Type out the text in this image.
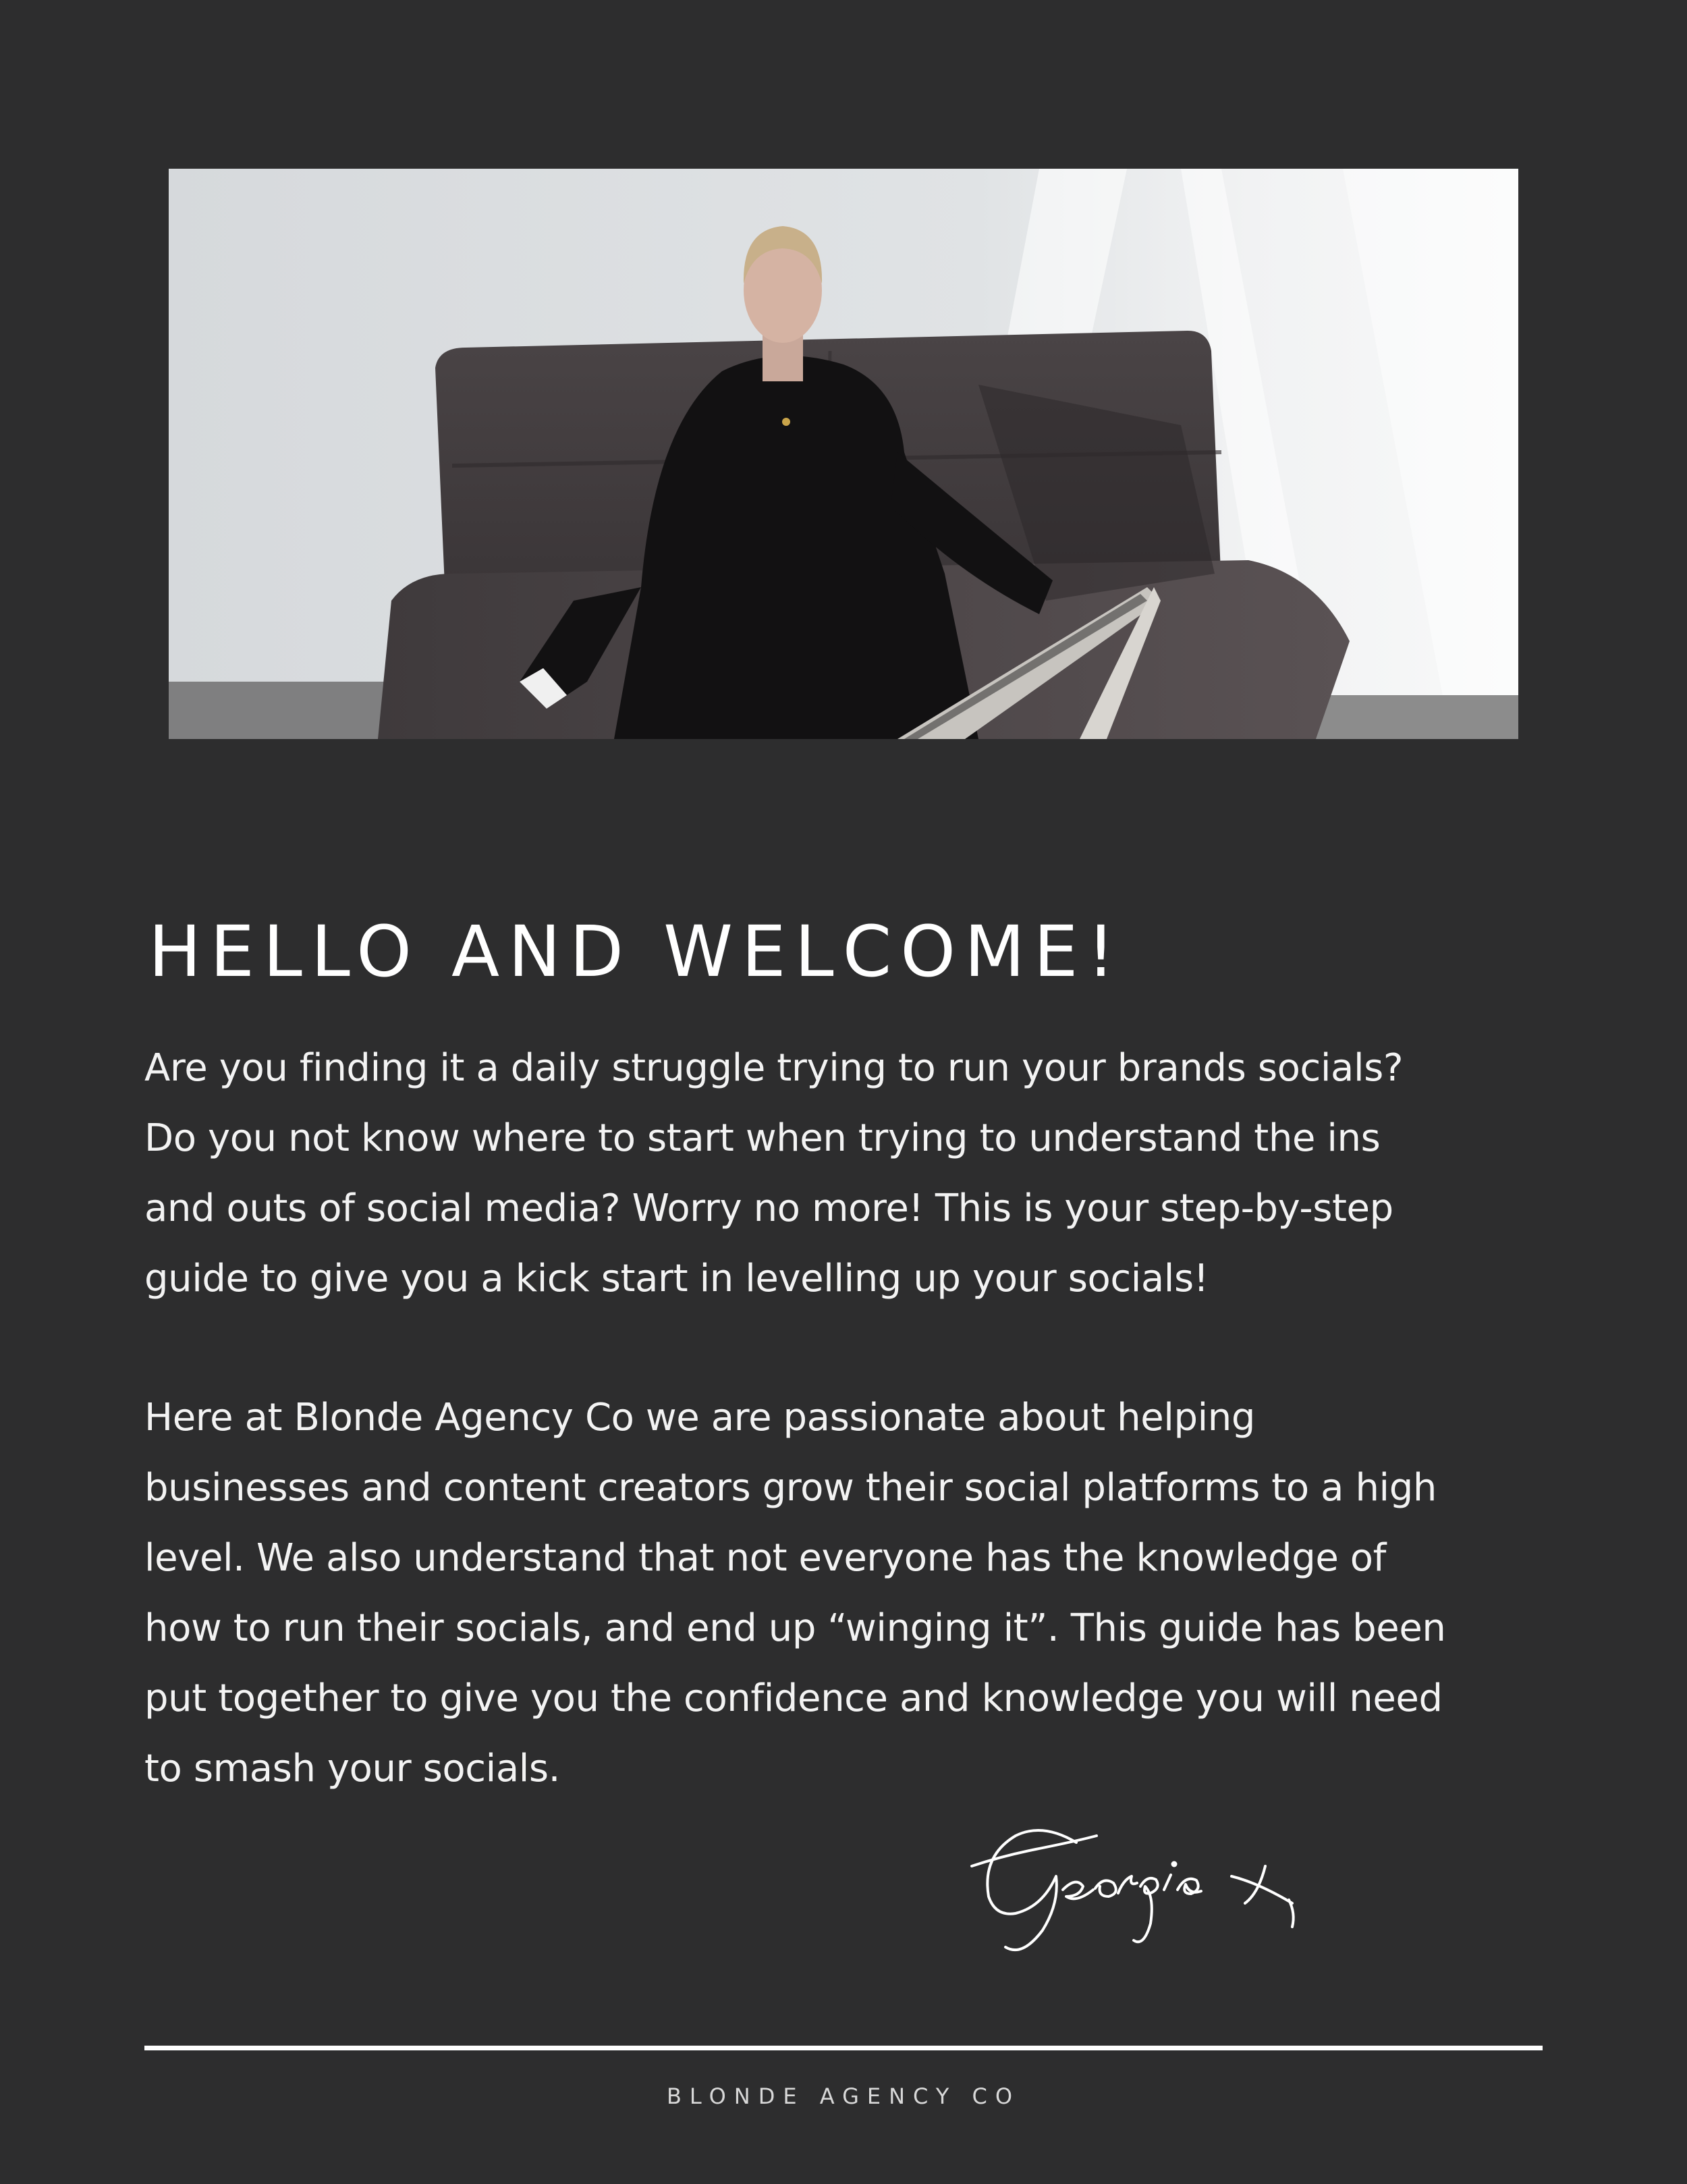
HELLO AND WELCOME!

Are you finding it a daily struggle trying to run your brands socials?
Do you not know where to start when trying to understand the ins
and outs of social media? Worry no more! This is your step-by-step
guide to give you a kick start in levelling up your socials!

Here at Blonde Agency Co we are passionate about helping
businesses and content creators grow their social platforms to a high
level. We also understand that not everyone has the knowledge of
how to run their socials, and end up “winging it”. This guide has been
put together to give you the confidence and knowledge you will need
to smash your socials.

BLONDE AGENCY CO
